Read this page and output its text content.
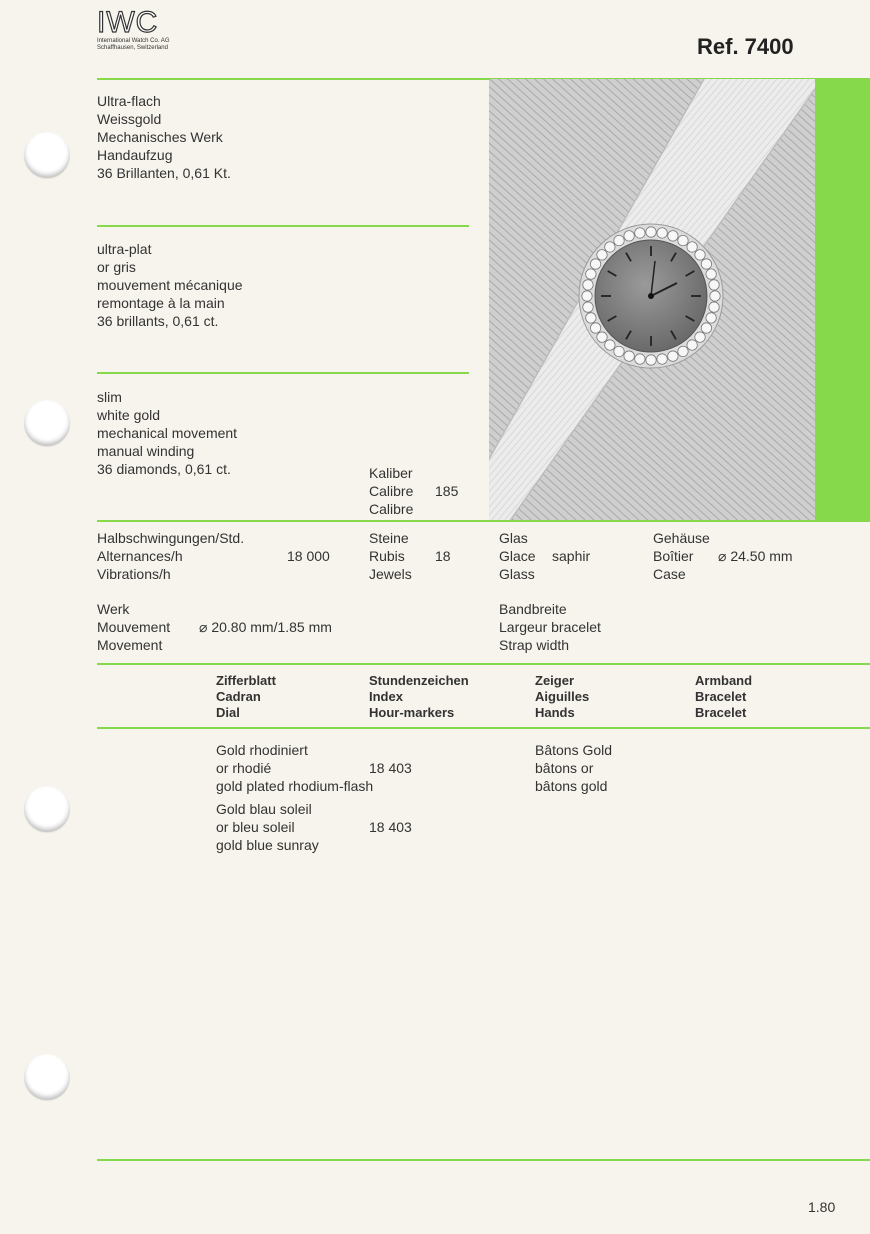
IWC
International Watch Co. AG
Schaffhausen, Switzerland	Ref. 7400
Ultra-flach
Weissgold
Mechanisches Werk
Handaufzug
36 Brillanten, 0,61 Kt.
ultra-plat
or gris
mouvement mécanique
remontage à la main
36 brillants, 0,61 ct.
slim
white gold
mechanical movement
manual winding
36 diamonds, 0,61 ct.	Kaliber
Calibre
Calibre
185
Halbschwingungen/Std.
Alternances/h
Vibrations/h
18 000
Steine
Rubis
Jewels
18
Glas
Glace
Glass
saphir
Gehäuse
Boîtier
Case
⌀ 24.50 mm
Werk
Mouvement
Movement
⌀ 20.80 mm/1.85 mm
Bandbreite
Largeur bracelet
Strap width
Zifferblatt
Cadran
Dial
Stundenzeichen
Index
Hour-markers
Zeiger
Aiguilles
Hands
Armband
Bracelet
Bracelet
Gold rhodiniert
or rhodié
gold plated rhodium-flash
18 403
Gold blau soleil
or bleu soleil
gold blue sunray
18 403
Bâtons Gold
bâtons or
bâtons gold
1.80
